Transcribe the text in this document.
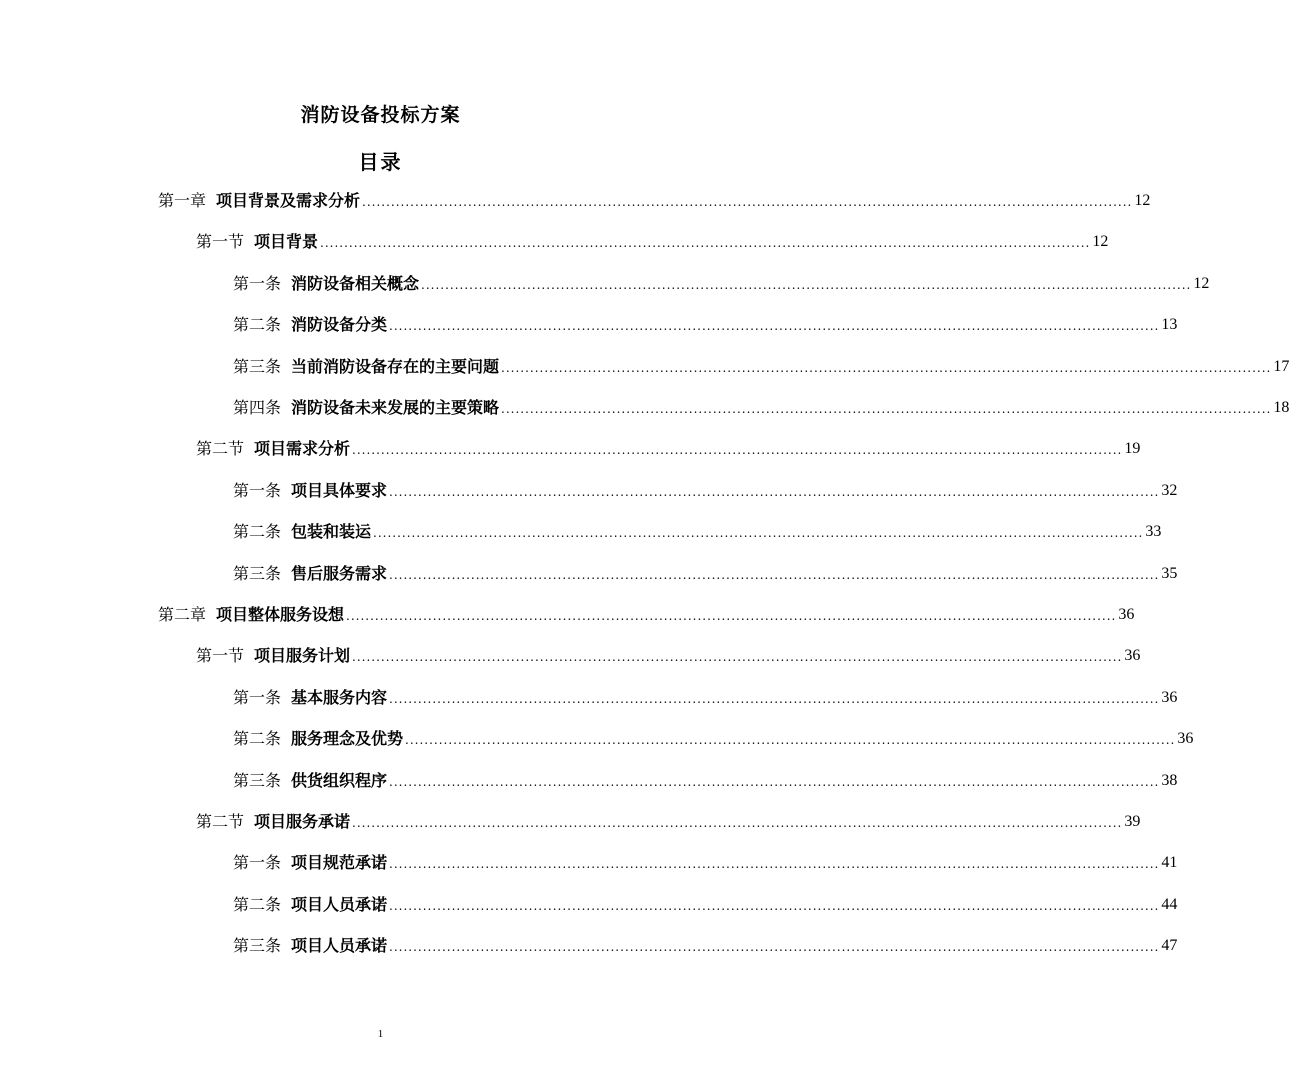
消防设备投标方案
目录
第一章 项目背景及需求分析 ................................................................................................................................................................ 12
第一节 项目背景 ................................................................................................................................................................ 12
第一条 消防设备相关概念 ................................................................................................................................................................ 12
第二条 消防设备分类 ................................................................................................................................................................ 13
第三条 当前消防设备存在的主要问题 ................................................................................................................................................................ 17
第四条 消防设备未来发展的主要策略 ................................................................................................................................................................ 18
第二节 项目需求分析 ................................................................................................................................................................ 19
第一条 项目具体要求 ................................................................................................................................................................ 32
第二条 包装和装运 ................................................................................................................................................................ 33
第三条 售后服务需求 ................................................................................................................................................................ 35
第二章 项目整体服务设想 ................................................................................................................................................................ 36
第一节 项目服务计划 ................................................................................................................................................................ 36
第一条 基本服务内容 ................................................................................................................................................................ 36
第二条 服务理念及优势 ................................................................................................................................................................ 36
第三条 供货组织程序 ................................................................................................................................................................ 38
第二节 项目服务承诺 ................................................................................................................................................................ 39
第一条 项目规范承诺 ................................................................................................................................................................ 41
第二条 项目人员承诺 ................................................................................................................................................................ 44
第三条 项目人员承诺 ................................................................................................................................................................ 47
1
